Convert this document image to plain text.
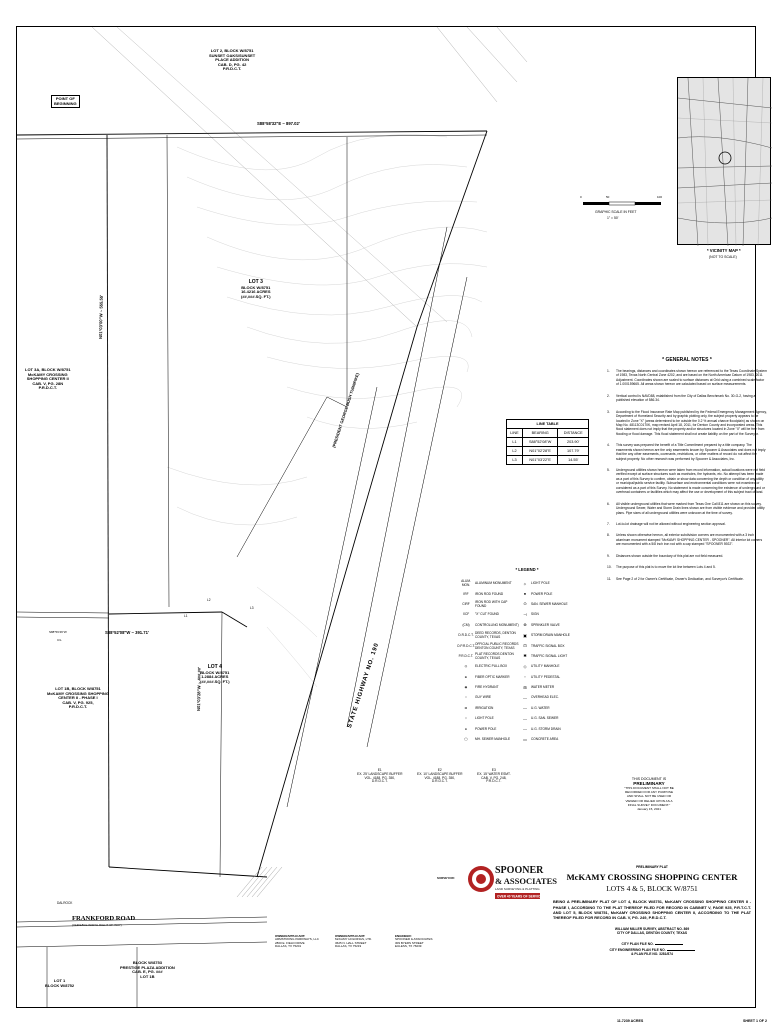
LOT 2, BLOCK W/8751
SUNSET OAKS/SUNSET
PLACE ADDITION
CAB. D, PG. 42
P.R.D.C.T.
POINT OF
BEGINNING
S88°58'32"E ~ 897.02'
LOT 3
BLOCK W/8751
16.4216 ACRES
(##,###.SQ. FT.)
LOT 3A, BLOCK W/8751
McKAMY CROSSING
SHOPPING CENTER II
CAB. V, PG. 28N
P.R.D.C.T.
N01°03'00"W ~ 555.55'
N01°03'28"W ~ 4##.##'
S88°52'08"W ~ 391.71'
LOT 4
BLOCK W/8751
1.2884 ACRES
(##,###.SQ. FT.)
LOT 1B, BLOCK W/8751
McKAMY CROSSING SHOPPING
CENTER II - PHASE I
CAB. V, PG. 925,
P.R.D.C.T.	STATE HIGHWAY NO. 190
(PRESIDENT GEORGE BUSH TURNPIKE)
FRANKFORD ROAD
(VARIABLE WIDTH RIGHT-OF-WAY)
DALROCK
BLOCK W/8753
PRESTIGE PLAZA ADDITION
CAB. E, PG. ###
LOT 1B
LOT 1
BLOCK W/8752
S88°56'46"W
C/L
L1
L2
L3
* VICINITY MAP *
(NOT TO SCALE)
0	50	100
GRAPHIC SCALE IN FEET
1" = 50'
LINE TABLE		
LINE	BEARING	DISTANCE
L1	S88°52'08"W	203.90'
L2	N01°02'28"E	107.79'
L3	N01°03'22"E	14.55'
* GENERAL NOTES *
1.	The bearings, distances and coordinates shown hereon are referenced to the Texas Coordinate System of 1983, Texas North Central Zone 4202, and are based on the North American Datum of 1983, 2011 Adjustment. Coordinates shown are scaled to surface distances at Grid using a combined scale factor of 1.000159665. All areas shown hereon are calculated based on surface measurements.
2.	Vertical control is NAVD88, established from the City of Dallas Benchmark No. 30-G-2, having a published elevation of 586.34.
3.	According to the Flood Insurance Rate Map published by the Federal Emergency Management Agency, Department of Homeland Security and by graphic plotting only, the subject property appears to be located in Zone "X" (areas determined to be outside the 0.2 % annual chance floodplain) as shown on Map No. 48113C0170K, map revised April 18, 2011, for Denton County and incorporated areas. This flood statement does not imply that the property and/or structures located in Zone "X" will be free from flooding or flood damage. This flood statement shall not create liability on the part of the Surveyor.
4.	This survey was prepared the benefit of a Title Commitment prepared by a title company. The easements shown hereon are the only easements known by Spooner & Associates and does not imply that the any other easements, covenants, restrictions, or other matters of record do not affect the subject property. No other research was performed by Spooner & Associates, Inc.
5.	Underground utilities shown hereon were taken from record information, actual locations were not field verified except at surface structures such as manholes, fire hydrants, etc. No attempt has been made as a part of this Survey to confirm, obtain or show data concerning the depth or condition of any utility or municipal/public service facility. Subsurface and environmental conditions were not examined or considered as a part of this Survey. No statement is made concerning the existence of underground or overhead containers or facilities which may affect the use or development of this subject tract of land.
6.	All visible underground utilities that were marked from Texas One Call 811 are shown on this survey. Underground Sewer, Water and Storm Drain lines shown are from visible evidence and provided utility plans. Pipe sizes of all underground utilities were unknown at the time of survey.
7.	Lot-to-lot drainage will not be allowed without engineering section approval.
8.	Unless shown otherwise hereon, all exterior subdivision corners are monumented with a 3 inch aluminum monument stamped "McKAMY SHOPPING CENTER - SPOONER". All interior lot corners are monumented with a 5/8 inch iron rod with a cap stamped "SPOONER 5922".
9.	Distances shown outside the boundary of this plat are not field measured.
10.	The purpose of this plat is to move the lot line between Lots 4 and 5.
11.	See Page 2 of 2 for Owner's Certificate, Owner's Dedication, and Surveyor's Certificate.
* LEGEND *
ALUM. MON.	ALUMINUM MONUMENT
IRF	IRON ROD FOUND
CIRF	IRON ROD WITH CAP FOUND
XCF	"X" CUT FOUND
(CM)	CONTROLLING MONUMENT)
D.R.D.C.T. DEED RECORDS, DENTON COUNTY, TEXAS
O.P.R.D.C.T. OFFICIAL PUBLIC RECORDS DENTON COUNTY, TEXAS
P.R.D.C.T. PLAT RECORDS DENTON COUNTY, TEXAS
◎	ELECTRIC PULL BOX
⊕	FIBER OPTIC MARKER
◉	FIRE HYDRANT
○	GUY WIRE
⊠	IRRIGATION
☼	LIGHT POLE
●	POWER POLE
◯	MH. SEWER MANHOLE
☼	LIGHT POLE
●	POWER POLE
⊙	SAN. SEWER MANHOLE
⊣	SIGN
⊗	SPRINKLER VALVE
▣	STORM DRAIN MANHOLE
⊡	TRAFFIC SIGNAL BOX
✱	TRAFFIC SIGNAL LIGHT
◇	UTILITY MANHOLE
▫	UTILITY PEDESTAL
⊞	WATER METER
—	OVERHEAD ELEC.
—	U.G. WATER
—	U.G. SAN. SEWER
—	U.G. STORM DRAIN
▭	CONCRETE AREA
E1
EX. 25' LANDSCAPE BUFFER
VOL. 4188, PG. 350,
D.R.D.C.T.
E2
EX. 10' LANDSCAPE BUFFER
VOL. 4188, PG. 350,
D.R.D.C.T.
E3
EX. 15' WATER ESMT.
CAB. V, PG. 248,
P.R.D.C.T.
THIS DOCUMENT IS
PRELIMINARY
"THIS DOCUMENT SHALL NOT BE
RECORDED FOR ANY PURPOSE
AND SHALL NOT BE USED OR
VIEWED OR RELIED UPON AS A
FINAL SURVEY DOCUMENT."
January 15, 2021
SPOONER
& ASSOCIATES
LAND SURVEYING & PLATTING
OVER 40 YEARS OF SERVICE
SURVEYOR:
OWNER/APPLICANT:
ARMSTRONG PARKWAYS, LLC
2800 E. FIELD DRIVE
DALLAS, TX 75201
OWNER/APPLICANT:
McKAMY HOLDINGS, LTD.
3625 N. HALL STREET
DALLAS, TX 75219
ENGINEER:
SPOONER & ASSOCIATES
309 BYERS STREET
EULESS, TX 76039
PRELIMINARY PLAT
McKAMY CROSSING SHOPPING CENTER
LOTS 4 & 5, BLOCK W/8751
BEING A PRELIMINARY PLAT OF LOT 4, BLOCK W/8751, McKAMY CROSSING SHOPPING CENTER II - PHASE I, ACCORDING TO THE PLAT THEREOF FILED FOR RECORD IN CABINET V, PAGE 925, P.R.T.C.T. AND LOT 5, BLOCK W/8751, McKAMY CROSSING SHOPPING CENTER II, ACCORDING TO THE PLAT THEREOF FILED FOR RECORD IN CAB. V, PG. 249, P.R.D.C.T.
WILLIAM MILLER SURVEY, ABSTRACT NO. 869
CITY OF DALLAS, DENTON COUNTY, TEXAS
CITY PLAN FILE NO.
CITY ENGINEERING PLAN FILE NO.
& PLAN FILE NO. 3281/874
11.7239 ACRES	SHEET 1 OF 2
